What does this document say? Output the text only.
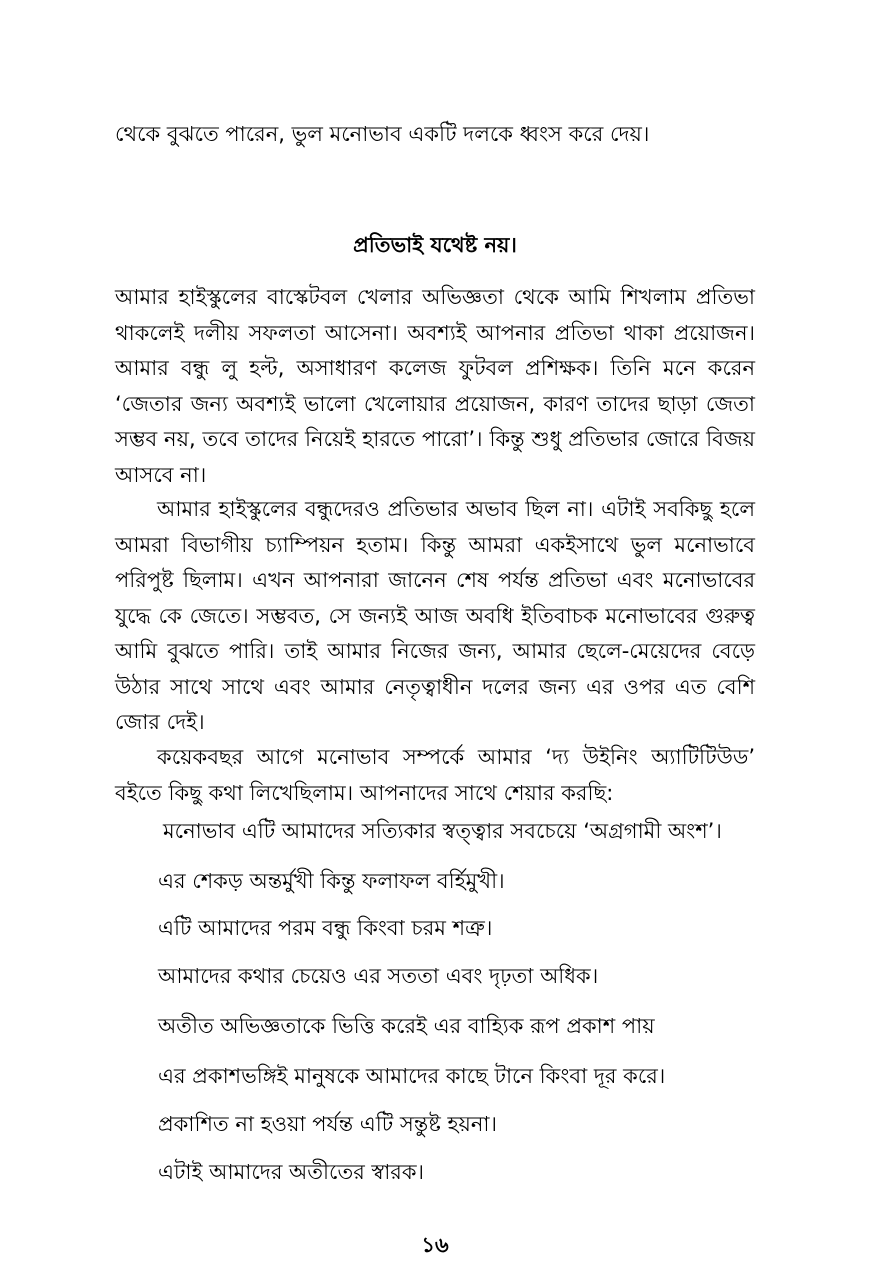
থেকে বুঝতে পারেন, ভুল মনোভাব একটি দলকে ধ্বংস করে দেয়।
প্রতিভাই যথেষ্ট নয়।

আমার হাইস্কুলের বাস্কেটবল খেলার অভিজ্ঞতা থেকে আমি শিখলাম প্রতিভা থাকলেই দলীয় সফলতা আসেনা। অবশ্যই আপনার প্রতিভা থাকা প্রয়োজন। আমার বন্ধু লু হল্ট, অসাধারণ কলেজ ফুটবল প্রশিক্ষক। তিনি মনে করেন ‘জেতার জন্য অবশ্যই ভালো খেলোয়ার প্রয়োজন, কারণ তাদের ছাড়া জেতা সম্ভব নয়, তবে তাদের নিয়েই হারতে পারো’। কিন্তু শুধু প্রতিভার জোরে বিজয় আসবে না।

আমার হাইস্কুলের বন্ধুদেরও প্রতিভার অভাব ছিল না। এটাই সবকিছু হলে আমরা বিভাগীয় চ্যাম্পিয়ন হতাম। কিন্তু আমরা একইসাথে ভুল মনোভাবে পরিপুষ্ট ছিলাম। এখন আপনারা জানেন শেষ পর্যন্ত প্রতিভা এবং মনোভাবের যুদ্ধে কে জেতে। সম্ভবত, সে জন্যই আজ অবধি ইতিবাচক মনোভাবের গুরুত্ব আমি বুঝতে পারি। তাই আমার নিজের জন্য, আমার ছেলে-মেয়েদের বেড়ে উঠার সাথে সাথে এবং আমার নেতৃত্বাধীন দলের জন্য এর ওপর এত বেশি জোর দেই।

কয়েকবছর আগে মনোভাব সম্পর্কে আমার ‘দ্য উইনিং অ্যাটিটিউড’ বইতে কিছু কথা লিখেছিলাম। আপনাদের সাথে শেয়ার করছি:

মনোভাব এটি আমাদের সত্যিকার স্বত্ত্বার সবচেয়ে ‘অগ্রগামী অংশ’।
এর শেকড় অন্তর্মুখী কিন্তু ফলাফল বর্হিমুখী।
এটি আমাদের পরম বন্ধু কিংবা চরম শত্রু।
আমাদের কথার চেয়েও এর সততা এবং দৃঢ়তা অধিক।
অতীত অভিজ্ঞতাকে ভিত্তি করেই এর বাহ্যিক রূপ প্রকাশ পায়
এর প্রকাশভঙ্গিই মানুষকে আমাদের কাছে টানে কিংবা দূর করে।
প্রকাশিত না হওয়া পর্যন্ত এটি সন্তুষ্ট হয়না।
এটাই আমাদের অতীতের স্বারক।
১৬
